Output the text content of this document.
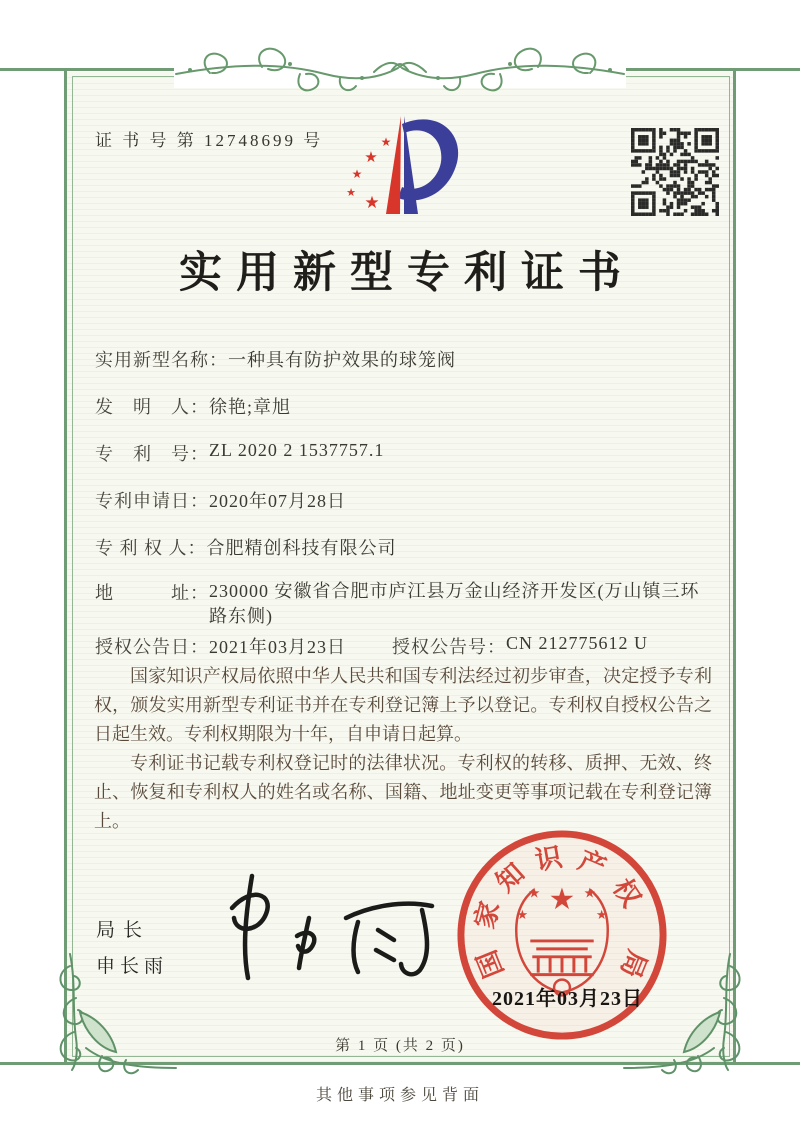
证 书 号 第 12748699 号	★
★
★
★
★
实用新型专利证书
实用新型名称： 一种具有防护效果的球笼阀
发　明　人： 徐艳;章旭
专　利　号： ZL 2020 2 1537757.1
专利申请日： 2020年07月28日
专 利 权 人： 合肥精创科技有限公司
地　　　址： 230000 安徽省合肥市庐江县万金山经济开发区(万山镇三环路东侧)
授权公告日： 2021年03月23日	授权公告号： CN 212775612 U

国家知识产权局依照中华人民共和国专利法经过初步审查，决定授予专利权，颁发实用新型专利证书并在专利登记簿上予以登记。专利权自授权公告之日起生效。专利权期限为十年，自申请日起算。

专利证书记载专利权登记时的法律状况。专利权的转移、质押、无效、终止、恢复和专利权人的姓名或名称、国籍、地址变更等事项记载在专利登记簿上。

局长
申长雨	国
家
知 识 产
权
局
★
★	★
★	★
2021年03月23日
第 1 页 (共 2 页)
其他事项参见背面
